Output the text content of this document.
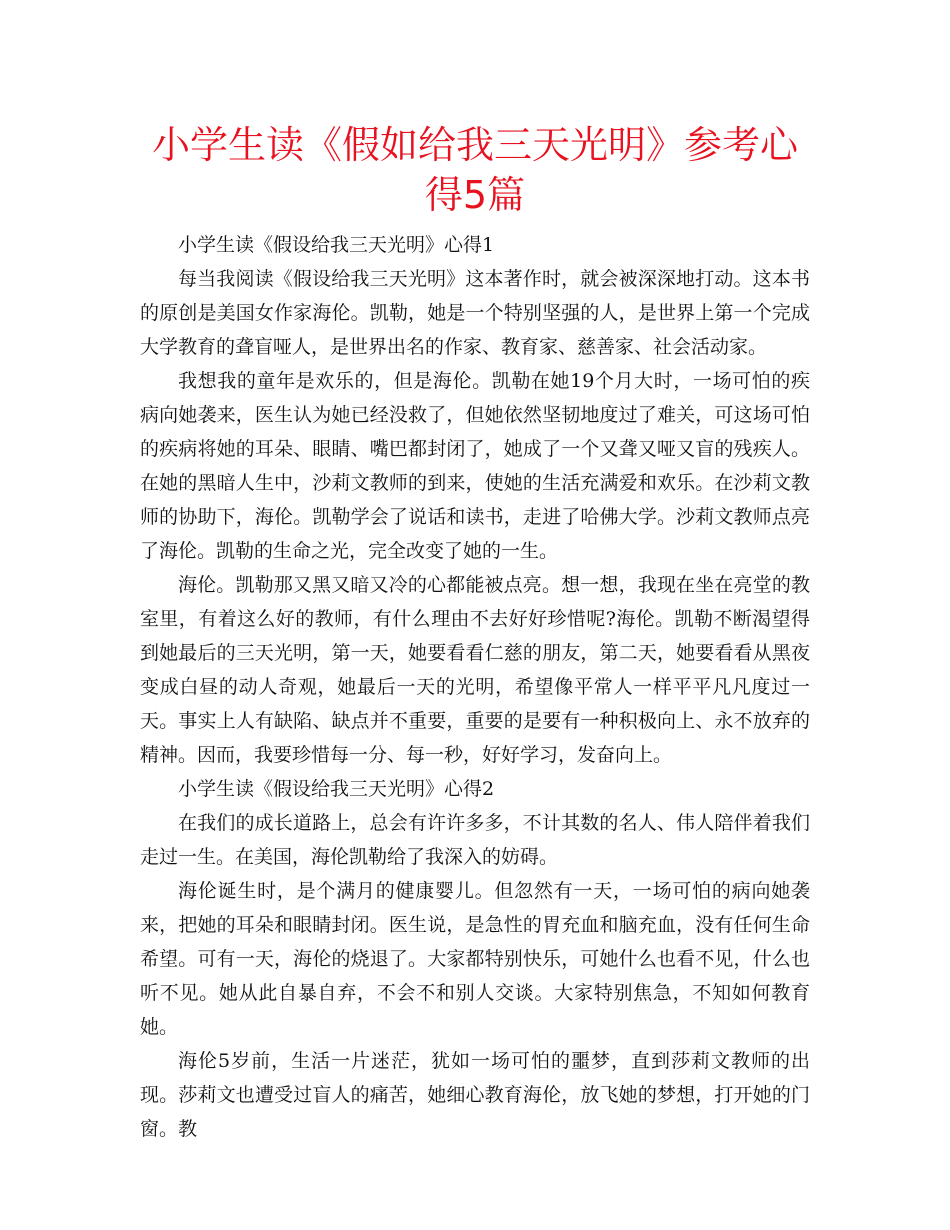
小学生读《假如给我三天光明》参考心得5篇

小学生读《假设给我三天光明》心得1

每当我阅读《假设给我三天光明》这本著作时，就会被深深地打动。这本书的原创是美国女作家海伦。凯勒，她是一个特别坚强的人，是世界上第一个完成大学教育的聋盲哑人，是世界出名的作家、教育家、慈善家、社会活动家。

我想我的童年是欢乐的，但是海伦。凯勒在她19个月大时，一场可怕的疾病向她袭来，医生认为她已经没救了，但她依然坚韧地度过了难关，可这场可怕的疾病将她的耳朵、眼睛、嘴巴都封闭了，她成了一个又聋又哑又盲的残疾人。在她的黑暗人生中，沙莉文教师的到来，使她的生活充满爱和欢乐。在沙莉文教师的协助下，海伦。凯勒学会了说话和读书，走进了哈佛大学。沙莉文教师点亮了海伦。凯勒的生命之光，完全改变了她的一生。

海伦。凯勒那又黑又暗又冷的心都能被点亮。想一想，我现在坐在亮堂的教室里，有着这么好的教师，有什么理由不去好好珍惜呢?海伦。凯勒不断渴望得到她最后的三天光明，第一天，她要看看仁慈的朋友，第二天，她要看看从黑夜变成白昼的动人奇观，她最后一天的光明，希望像平常人一样平平凡凡度过一天。事实上人有缺陷、缺点并不重要，重要的是要有一种积极向上、永不放弃的精神。因而，我要珍惜每一分、每一秒，好好学习，发奋向上。

小学生读《假设给我三天光明》心得2

在我们的成长道路上，总会有许许多多，不计其数的名人、伟人陪伴着我们走过一生。在美国，海伦凯勒给了我深入的妨碍。

海伦诞生时，是个满月的健康婴儿。但忽然有一天，一场可怕的病向她袭来，把她的耳朵和眼睛封闭。医生说，是急性的胃充血和脑充血，没有任何生命希望。可有一天，海伦的烧退了。大家都特别快乐，可她什么也看不见，什么也听不见。她从此自暴自弃，不会不和别人交谈。大家特别焦急，不知如何教育她。

海伦5岁前，生活一片迷茫，犹如一场可怕的噩梦，直到莎莉文教师的出现。莎莉文也遭受过盲人的痛苦，她细心教育海伦，放飞她的梦想，打开她的门窗。教
